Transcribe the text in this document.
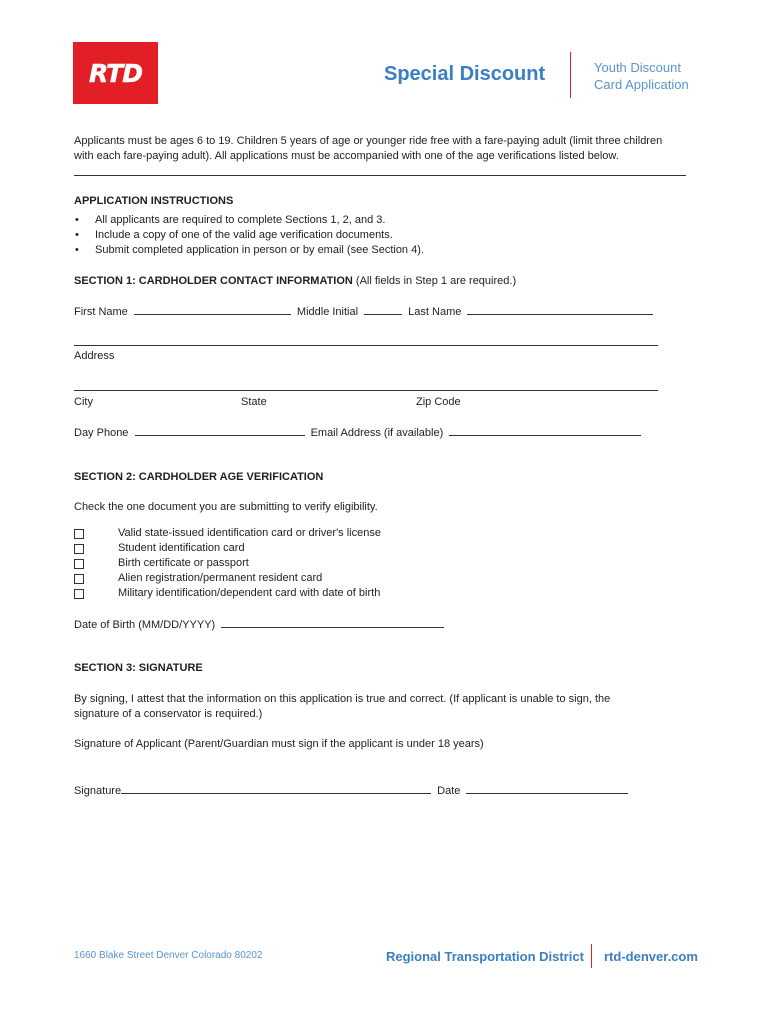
RTD	Special Discount	Youth Discount
Card Application
Applicants must be ages 6 to 19. Children 5 years of age or younger ride free with a fare-paying adult (limit three children
with each fare-paying adult). All applications must be accompanied with one of the age verifications listed below.
APPLICATION INSTRUCTIONS
• All applicants are required to complete Sections 1, 2, and 3.
• Include a copy of one of the valid age verification documents.
• Submit completed application in person or by email (see Section 4).
SECTION 1: CARDHOLDER CONTACT INFORMATION (All fields in Step 1 are required.)
First Name	Middle Initial	Last Name
Address
City	State	Zip Code
Day Phone	Email Address (if available)
SECTION 2: CARDHOLDER AGE VERIFICATION
Check the one document you are submitting to verify eligibility.
Valid state-issued identification card or driver's license
Student identification card
Birth certificate or passport
Alien registration/permanent resident card
Military identification/dependent card with date of birth
Date of Birth (MM/DD/YYYY)
SECTION 3: SIGNATURE
By signing, I attest that the information on this application is true and correct. (If applicant is unable to sign, the
signature of a conservator is required.)
Signature of Applicant (Parent/Guardian must sign if the applicant is under 18 years)
Signature	Date
1660 Blake Street Denver Colorado 80202	Regional Transportation District rtd-denver.com
